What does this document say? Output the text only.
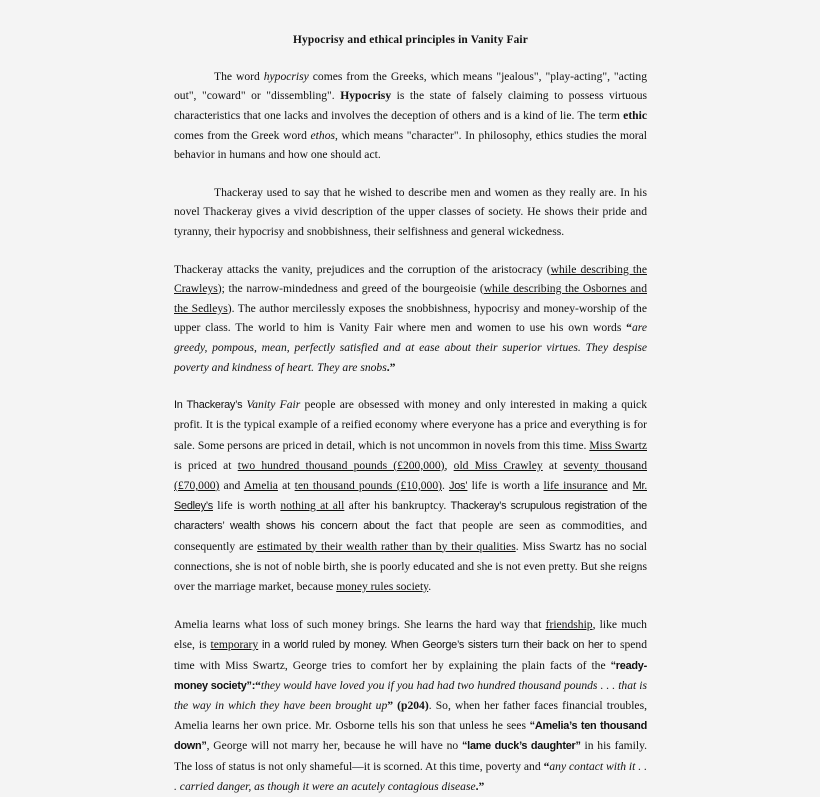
Hypocrisy and ethical principles in Vanity Fair

The word hypocrisy comes from the Greeks, which means "jealous", "play-acting", "acting out", "coward" or "dissembling". Hypocrisy is the state of falsely claiming to possess virtuous characteristics that one lacks and involves the deception of others and is a kind of lie. The term ethic comes from the Greek word ethos, which means "character". In philosophy, ethics studies the moral behavior in humans and how one should act.

Thackeray used to say that he wished to describe men and women as they really are. In his novel Thackeray gives a vivid description of the upper classes of society. He shows their pride and tyranny, their hypocrisy and snobbishness, their selfishness and general wickedness.

Thackeray attacks the vanity, prejudices and the corruption of the aristocracy (while describing the Crawleys); the narrow-mindedness and greed of the bourgeoisie (while describing the Osbornes and the Sedleys). The author mercilessly exposes the snobbishness, hypocrisy and money-worship of the upper class. The world to him is Vanity Fair where men and women to use his own words “are greedy, pompous, mean, perfectly satisfied and at ease about their superior virtues. They despise poverty and kindness of heart. They are snobs.”

In Thackeray’s Vanity Fair people are obsessed with money and only interested in making a quick profit. It is the typical example of a reified economy where everyone has a price and everything is for sale. Some persons are priced in detail, which is not uncommon in novels from this time. Miss Swartz is priced at two hundred thousand pounds (£200,000), old Miss Crawley at seventy thousand (£70,000) and Amelia at ten thousand pounds (£10,000). Jos’ life is worth a life insurance and Mr. Sedley’s life is worth nothing at all after his bankruptcy. Thackeray’s scrupulous registration of the characters’ wealth shows his concern about the fact that people are seen as commodities, and consequently are estimated by their wealth rather than by their qualities. Miss Swartz has no social connections, she is not of noble birth, she is poorly educated and she is not even pretty. But she reigns over the marriage market, because money rules society.

Amelia learns what loss of such money brings. She learns the hard way that friendship, like much else, is temporary in a world ruled by money. When George’s sisters turn their back on her to spend time with Miss Swartz, George tries to comfort her by explaining the plain facts of the “ready-money society”:“they would have loved you if you had had two hundred thousand pounds . . . that is the way in which they have been brought up” (p204). So, when her father faces financial troubles, Amelia learns her own price. Mr. Osborne tells his son that unless he sees “Amelia’s ten thousand down”, George will not marry her, because he will have no “lame duck’s daughter” in his family. The loss of status is not only shameful—it is scorned. At this time, poverty and “any contact with it . . . carried danger, as though it were an acutely contagious disease.”
